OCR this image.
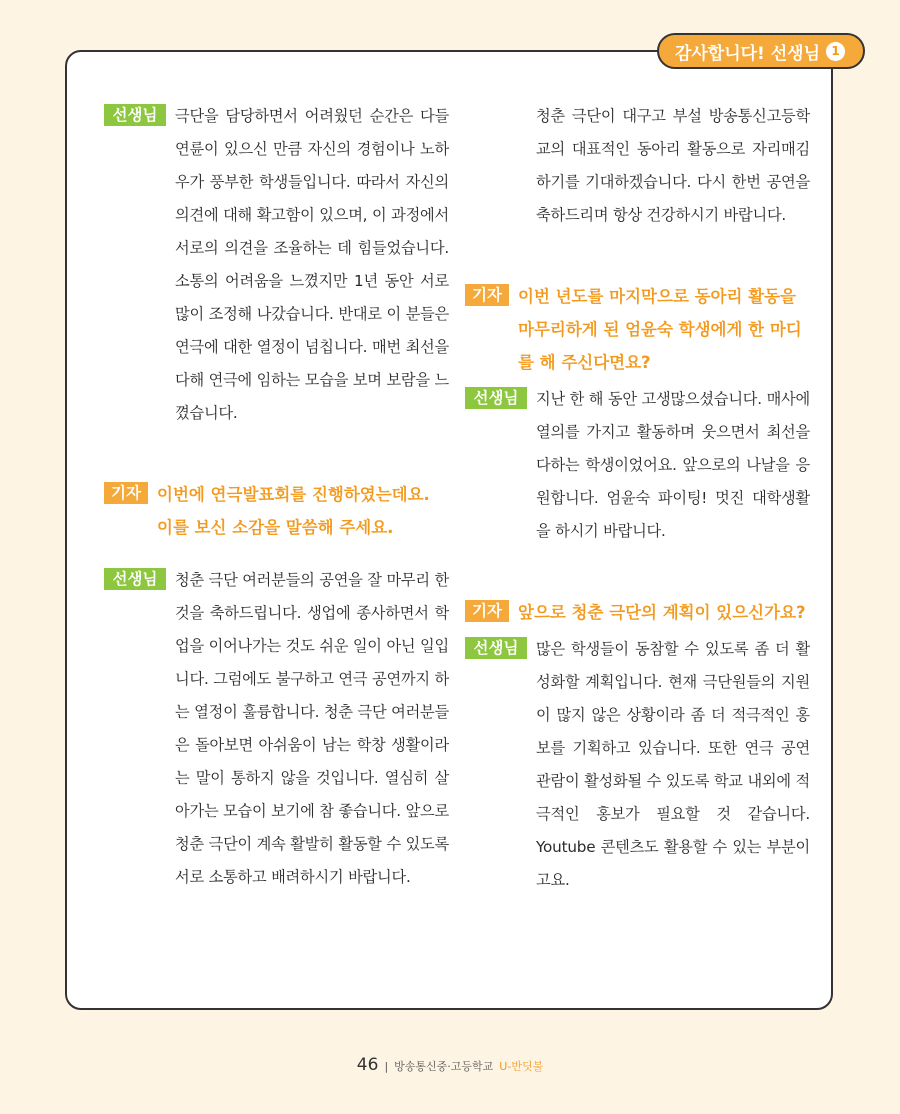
감사합니다! 선생님 1
선생님	극단을 담당하면서 어려웠던 순간은 다들 연륜이 있으신 만큼 자신의 경험이나 노하우가 풍부한 학생들입니다. 따라서 자신의 의견에 대해 확고함이 있으며, 이 과정에서 서로의 의견을 조율하는 데 힘들었습니다. 소통의 어려움을 느꼈지만 1년 동안 서로 많이 조정해 나갔습니다. 반대로 이 분들은 연극에 대한 열정이 넘칩니다. 매번 최선을 다해 연극에 임하는 모습을 보며 보람을 느꼈습니다.

기자 이번에 연극발표회를 진행하였는데요. 이를 보신 소감을 말씀해 주세요.

선생님	청춘 극단 여러분들의 공연을 잘 마무리 한 것을 축하드립니다. 생업에 종사하면서 학업을 이어나가는 것도 쉬운 일이 아닌 일입니다. 그럼에도 불구하고 연극 공연까지 하는 열정이 훌륭합니다. 청춘 극단 여러분들은 돌아보면 아쉬움이 남는 학창 생활이라는 말이 통하지 않을 것입니다. 열심히 살아가는 모습이 보기에 참 좋습니다. 앞으로 청춘 극단이 계속 활발히 활동할 수 있도록 서로 소통하고 배려하시기 바랍니다.

청춘 극단이 대구고 부설 방송통신고등학교의 대표적인 동아리 활동으로 자리매김하기를 기대하겠습니다. 다시 한번 공연을 축하드리며 항상 건강하시기 바랍니다.

기자 이번 년도를 마지막으로 동아리 활동을 마무리하게 된 엄윤숙 학생에게 한 마디를 해 주신다면요?

선생님	지난 한 해 동안 고생많으셨습니다. 매사에 열의를 가지고 활동하며 웃으면서 최선을 다하는 학생이었어요. 앞으로의 나날을 응원합니다. 엄윤숙 파이팅! 멋진 대학생활을 하시기 바랍니다.

기자 앞으로 청춘 극단의 계획이 있으신가요?

선생님	많은 학생들이 동참할 수 있도록 좀 더 활성화할 계획입니다. 현재 극단원들의 지원이 많지 않은 상황이라 좀 더 적극적인 홍보를 기획하고 있습니다. 또한 연극 공연 관람이 활성화될 수 있도록 학교 내외에 적극적인 홍보가 필요할 것 같습니다. Youtube 콘텐츠도 활용할 수 있는 부분이고요.

46 | 방송통신중·고등학교 U-반딧불
